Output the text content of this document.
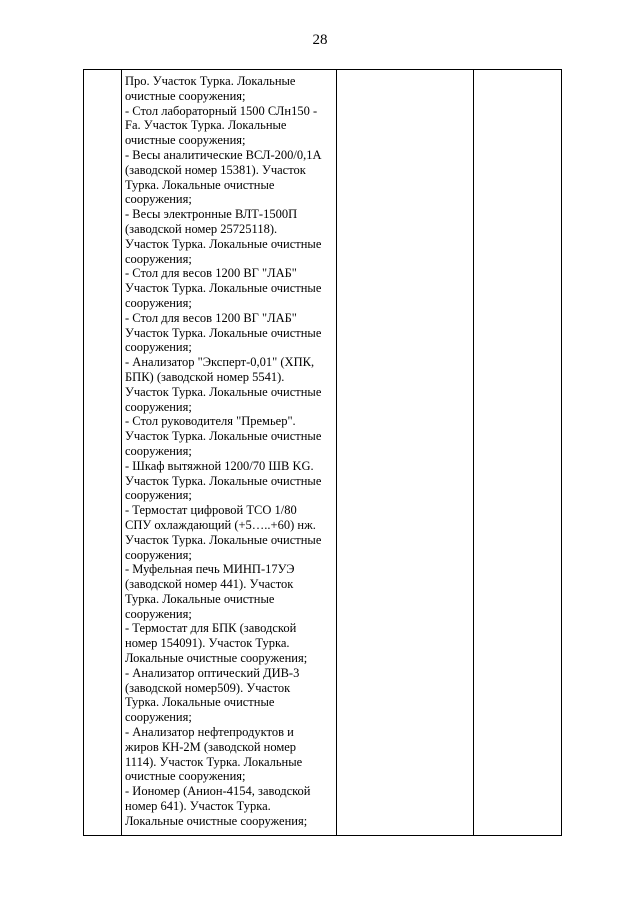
28

Про. Участок Турка. Локальные
очистные сооружения;
- Стол лабораторный 1500 СЛн150 -
Fa. Участок Турка. Локальные
очистные сооружения;
- Весы аналитические ВСЛ-200/0,1А
(заводской номер 15381). Участок
Турка. Локальные очистные
сооружения;
- Весы электронные ВЛТ-1500П
(заводской номер 25725118).
Участок Турка. Локальные очистные
сооружения;
- Стол для весов 1200 ВГ "ЛАБ"
Участок Турка. Локальные очистные
сооружения;
- Стол для весов 1200 ВГ "ЛАБ"
Участок Турка. Локальные очистные
сооружения;
- Анализатор "Эксперт-0,01" (ХПК,
БПК) (заводской номер 5541).
Участок Турка. Локальные очистные
сооружения;
- Стол руководителя "Премьер".
Участок Турка. Локальные очистные
сооружения;
- Шкаф вытяжной 1200/70 ШВ KG.
Участок Турка. Локальные очистные
сооружения;
- Термостат цифровой ТСО 1/80
СПУ охлаждающий (+5…..+60) нж.
Участок Турка. Локальные очистные
сооружения;
- Муфельная печь МИНП-17УЭ
(заводской номер 441). Участок
Турка. Локальные очистные
сооружения;
- Термостат для БПК (заводской
номер 154091). Участок Турка.
Локальные очистные сооружения;
- Анализатор оптический ДИВ-3
(заводской номер509). Участок
Турка. Локальные очистные
сооружения;
- Анализатор нефтепродуктов и
жиров КН-2М (заводской номер
1114). Участок Турка. Локальные
очистные сооружения;
- Иономер (Анион-4154, заводской
номер 641). Участок Турка.
Локальные очистные сооружения;
